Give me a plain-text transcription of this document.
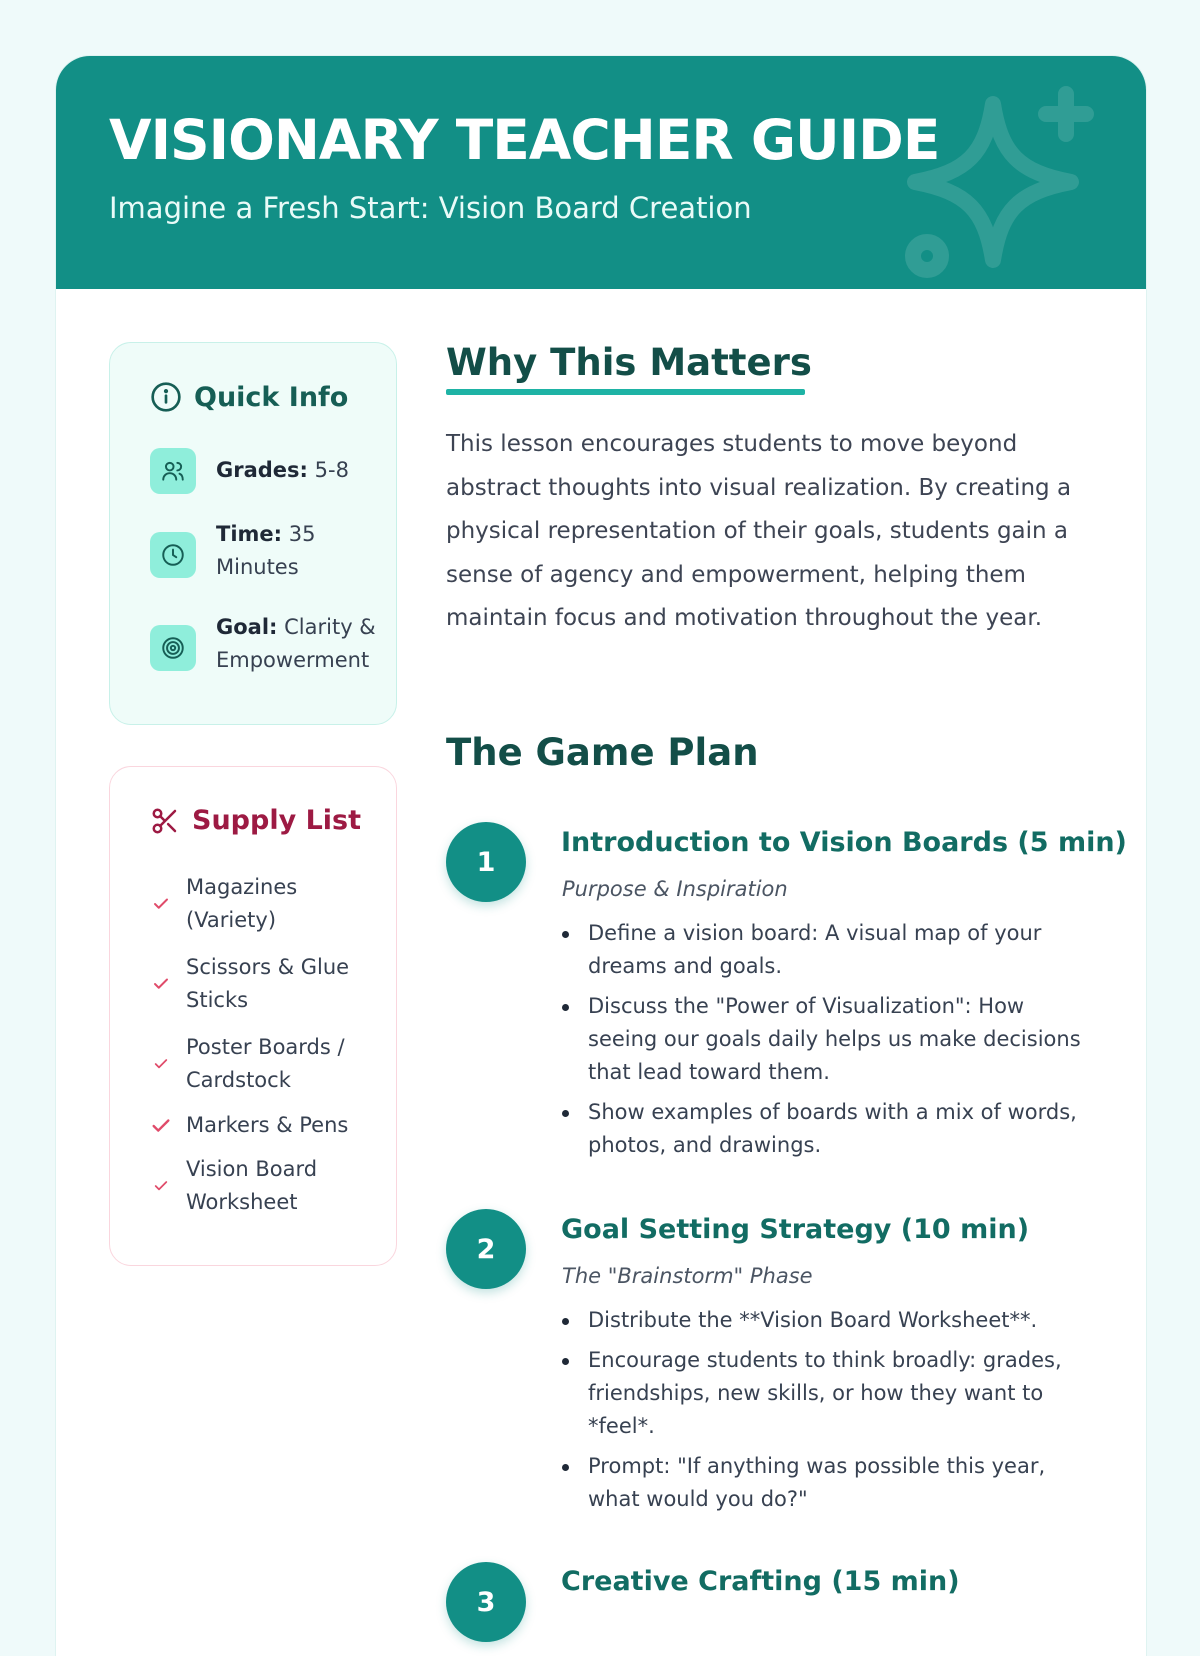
VISIONARY TEACHER GUIDE
Imagine a Fresh Start: Vision Board Creation
Quick Info
Grades: 5-8
Time: 35 Minutes
Goal: Clarity & Empowerment
Supply List
Magazines (Variety)
Scissors & Glue Sticks
Poster Boards / Cardstock
Markers & Pens
Vision Board Worksheet
Why This Matters
This lesson encourages students to move beyond abstract thoughts into visual realization. By creating a physical representation of their goals, students gain a sense of agency and empowerment, helping them maintain focus and motivation throughout the year.
The Game Plan
1
Introduction to Vision Boards (5 min)
Purpose & Inspiration
Define a vision board: A visual map of your dreams and goals.
Discuss the "Power of Visualization": How seeing our goals daily helps us make decisions that lead toward them.
Show examples of boards with a mix of words, photos, and drawings.
2
Goal Setting Strategy (10 min)
The "Brainstorm" Phase
Distribute the **Vision Board Worksheet**.
Encourage students to think broadly: grades, friendships, new skills, or how they want to *feel*.
Prompt: "If anything was possible this year, what would you do?"
3
Creative Crafting (15 min)
